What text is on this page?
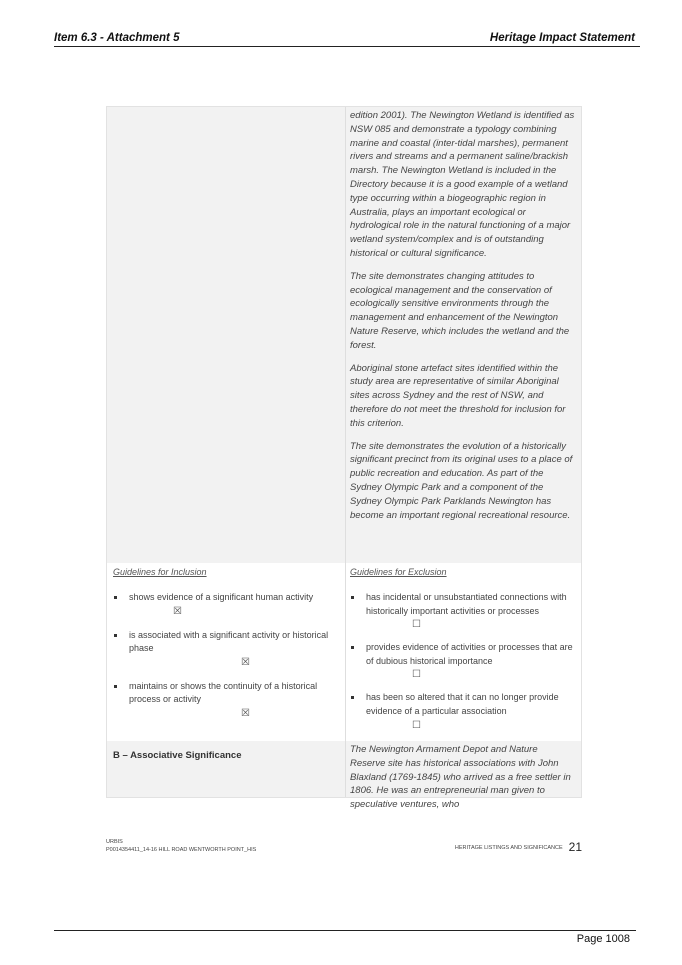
Item 6.3 - Attachment 5	Heritage Impact Statement

edition 2001). The Newington Wetland is identified as NSW 085 and demonstrate a typology combining marine and coastal (inter-tidal marshes), permanent rivers and streams and a permanent saline/brackish marsh. The Newington Wetland is included in the Directory because it is a good example of a wetland type occurring within a biogeographic region in Australia, plays an important ecological or hydrological role in the natural functioning of a major wetland system/complex and is of outstanding historical or cultural significance.

The site demonstrates changing attitudes to ecological management and the conservation of ecologically sensitive environments through the management and enhancement of the Newington Nature Reserve, which includes the wetland and the forest.

Aboriginal stone artefact sites identified within the study area are representative of similar Aboriginal sites across Sydney and the rest of NSW, and therefore do not meet the threshold for inclusion for this criterion.

The site demonstrates the evolution of a historically significant precinct from its original uses to a place of public recreation and education. As part of the Sydney Olympic Park and a component of the Sydney Olympic Park Parklands Newington has become an important regional recreational resource.

Guidelines for Inclusion
shows evidence of a significant human activity
☒
is associated with a significant activity or historical phase
☒
maintains or shows the continuity of a historical process or activity
☒
Guidelines for Exclusion
has incidental or unsubstantiated connections with historically important activities or processes
☐
provides evidence of activities or processes that are of dubious historical importance
☐
has been so altered that it can no longer provide evidence of a particular association
☐
B – Associative Significance

The Newington Armament Depot and Nature Reserve site has historical associations with John Blaxland (1769-1845) who arrived as a free settler in 1806. He was an entrepreneurial man given to speculative ventures, who

URBIS
P0014354411_14-16 HILL ROAD WENTWORTH POINT_HIS	HERITAGE LISTINGS AND SIGNIFICANCE 21
Page 1008
